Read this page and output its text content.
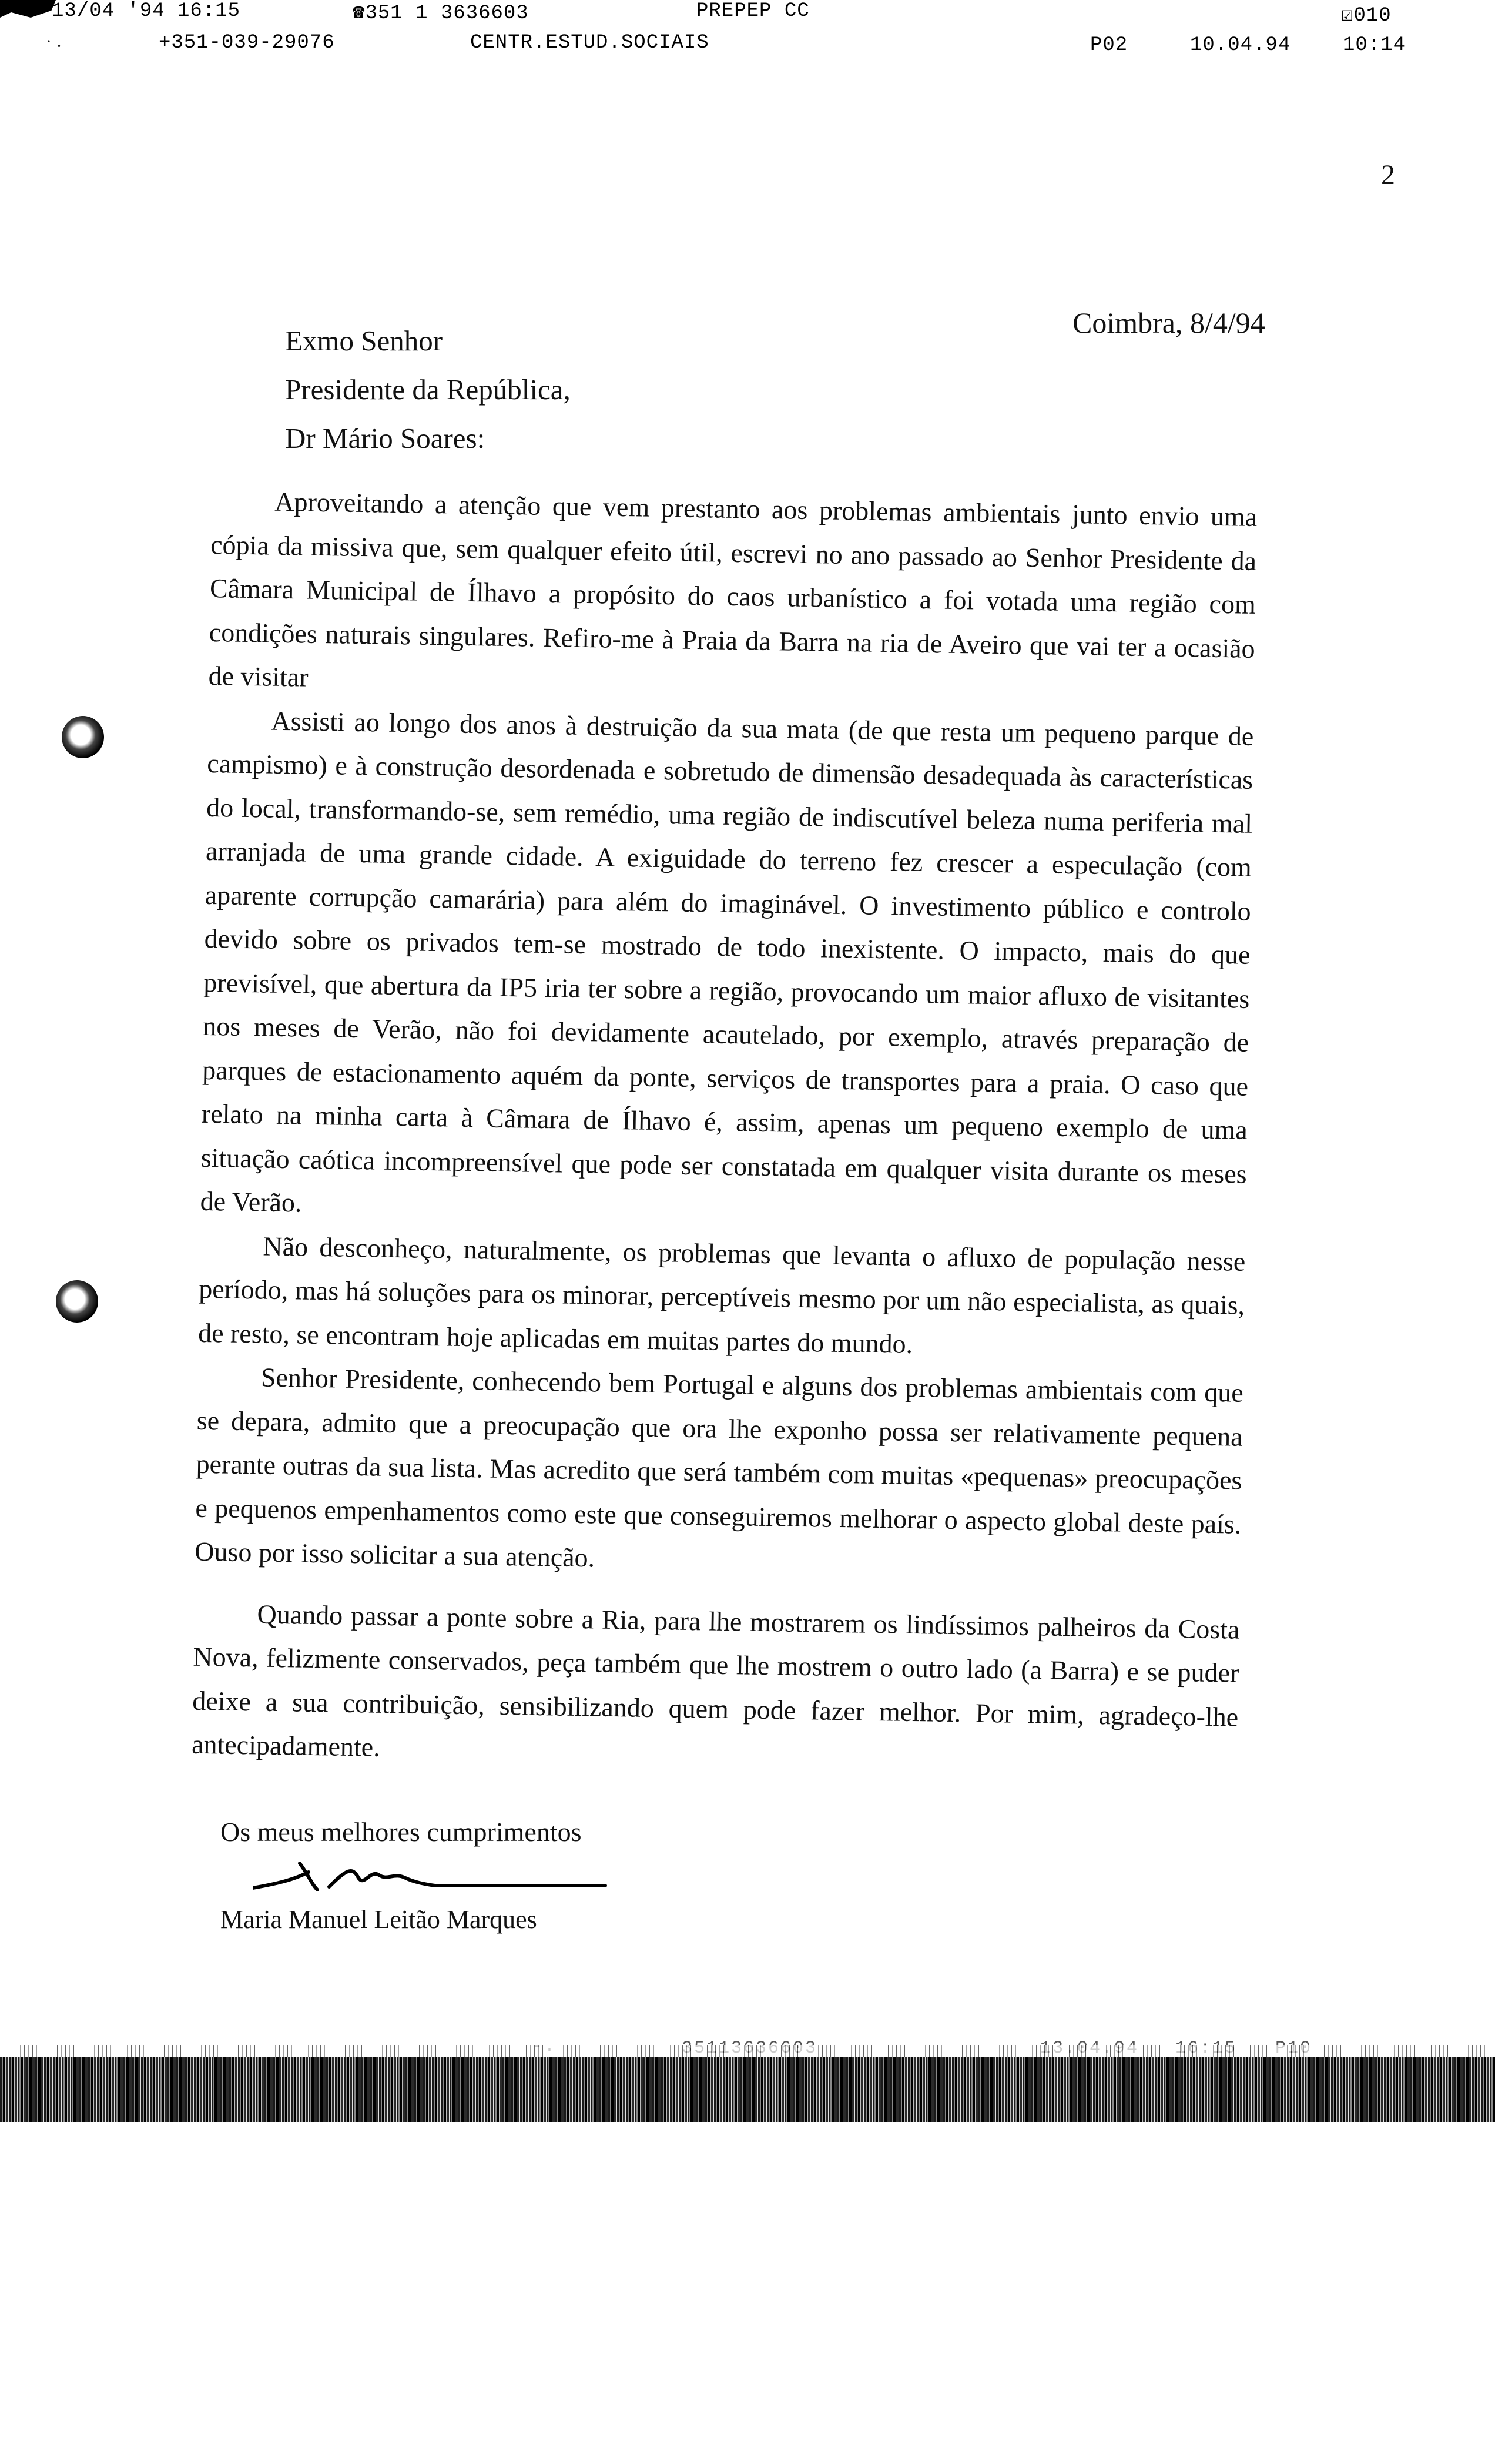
13/04 '94 16:15	☎351 1 3636603	PREPEP CC	☑010
˙ ·	+351-039-29076	CENTR.ESTUD.SOCIAIS	P02	10.04.94	10:14
2
Coimbra, 8/4/94
Exmo Senhor
Presidente da República,
Dr Mário Soares:

Aproveitando a atenção que vem prestanto aos problemas ambientais junto envio uma cópia da missiva que, sem qualquer efeito útil, escrevi no ano passado ao Senhor Presidente da Câmara Municipal de Ílhavo a propósito do caos urbanístico a foi votada uma região com condições naturais singulares. Refiro-me à Praia da Barra na ria de Aveiro que vai ter a ocasião de visitar

Assisti ao longo dos anos à destruição da sua mata (de que resta um pequeno parque de campismo) e à construção desordenada e sobretudo de dimensão desadequada às características do local, transformando-se, sem remédio, uma região de indiscutível beleza numa periferia mal arranjada de uma grande cidade. A exiguidade do terreno fez crescer a especulação (com aparente corrupção camarária) para além do imaginável. O investimento público e controlo devido sobre os privados tem-se mostrado de todo inexistente. O impacto, mais do que previsível, que abertura da IP5 iria ter sobre a região, provocando um maior afluxo de visitantes nos meses de Verão, não foi devidamente acautelado, por exemplo, através preparação de parques de estacionamento aquém da ponte, serviços de transportes para a praia. O caso que relato na minha carta à Câmara de Ílhavo é, assim, apenas um pequeno exemplo de uma situação caótica incompreensível que pode ser constatada em qualquer visita durante os meses de Verão.

Não desconheço, naturalmente, os problemas que levanta o afluxo de população nesse período, mas há soluções para os minorar, perceptíveis mesmo por um não especialista, as quais, de resto, se encontram hoje aplicadas em muitas partes do mundo.

Senhor Presidente, conhecendo bem Portugal e alguns dos problemas ambientais com que se depara, admito que a preocupação que ora lhe exponho possa ser relativamente pequena perante outras da sua lista. Mas acredito que será também com muitas «pequenas» preocupações e pequenos empenhamentos como este que conseguiremos melhorar o aspecto global deste país. Ouso por isso solicitar a sua atenção.

Quando passar a ponte sobre a Ria, para lhe mostrarem os lindíssimos palheiros da Costa Nova, felizmente conservados, peça também que lhe mostrem o outro lado (a Barra) e se puder deixe a sua contribuição, sensibilizando quem pode fazer melhor. Por mim, agradeço-lhe antecipadamente.

Os meus melhores cumprimentos
Maria Manuel Leitão Marques
